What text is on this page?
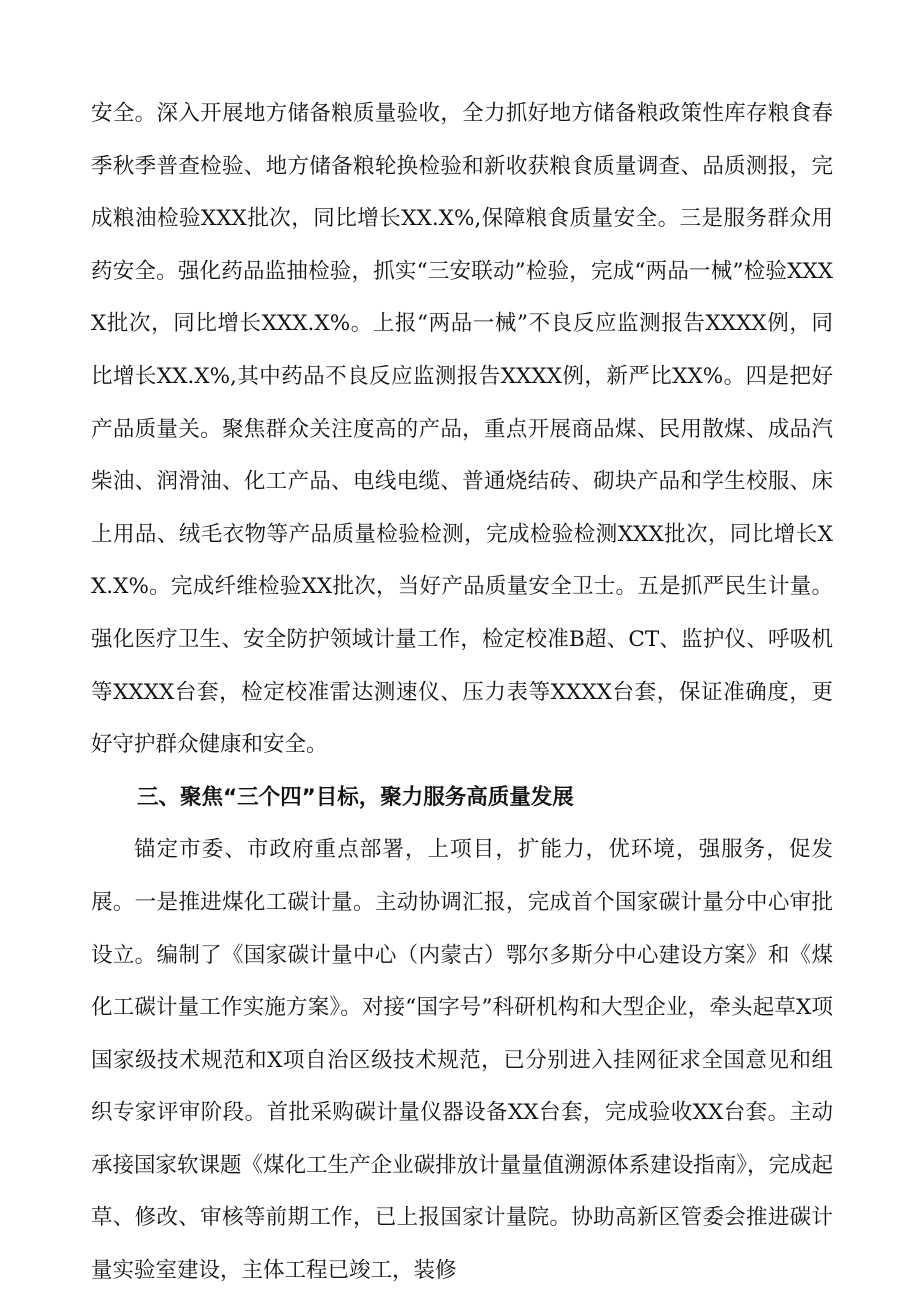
安全。深入开展地方储备粮质量验收，全力抓好地方储备粮政策性库存粮食春季秋季普查检验、地方储备粮轮换检验和新收获粮食质量调查、品质测报，完成粮油检验XXX批次，同比增长XX.X%,保障粮食质量安全。三是服务群众用药安全。强化药品监抽检验，抓实“三安联动”检验，完成“两品一械”检验XXXX批次，同比增长XXX.X%。上报“两品一械”不良反应监测报告XXXX例，同比增长XX.X%,其中药品不良反应监测报告XXXX例，新严比XX%。四是把好产品质量关。聚焦群众关注度高的产品，重点开展商品煤、民用散煤、成品汽柴油、润滑油、化工产品、电线电缆、普通烧结砖、砌块产品和学生校服、床上用品、绒毛衣物等产品质量检验检测，完成检验检测XXX批次，同比增长XX.X%。完成纤维检验XX批次，当好产品质量安全卫士。五是抓严民生计量。强化医疗卫生、安全防护领域计量工作，检定校准B超、CT、监护仪、呼吸机等XXXX台套，检定校准雷达测速仪、压力表等XXXX台套，保证准确度，更好守护群众健康和安全。

三、聚焦“三个四”目标，聚力服务高质量发展

锚定市委、市政府重点部署，上项目，扩能力，优环境，强服务，促发展。一是推进煤化工碳计量。主动协调汇报，完成首个国家碳计量分中心审批设立。编制了《国家碳计量中心（内蒙古）鄂尔多斯分中心建设方案》和《煤化工碳计量工作实施方案》。对接“国字号”科研机构和大型企业，牵头起草X项国家级技术规范和X项自治区级技术规范，已分别进入挂网征求全国意见和组织专家评审阶段。首批采购碳计量仪器设备XX台套，完成验收XX台套。主动承接国家软课题《煤化工生产企业碳排放计量量值溯源体系建设指南》，完成起草、修改、审核等前期工作，已上报国家计量院。协助高新区管委会推进碳计量实验室建设，主体工程已竣工，装修
